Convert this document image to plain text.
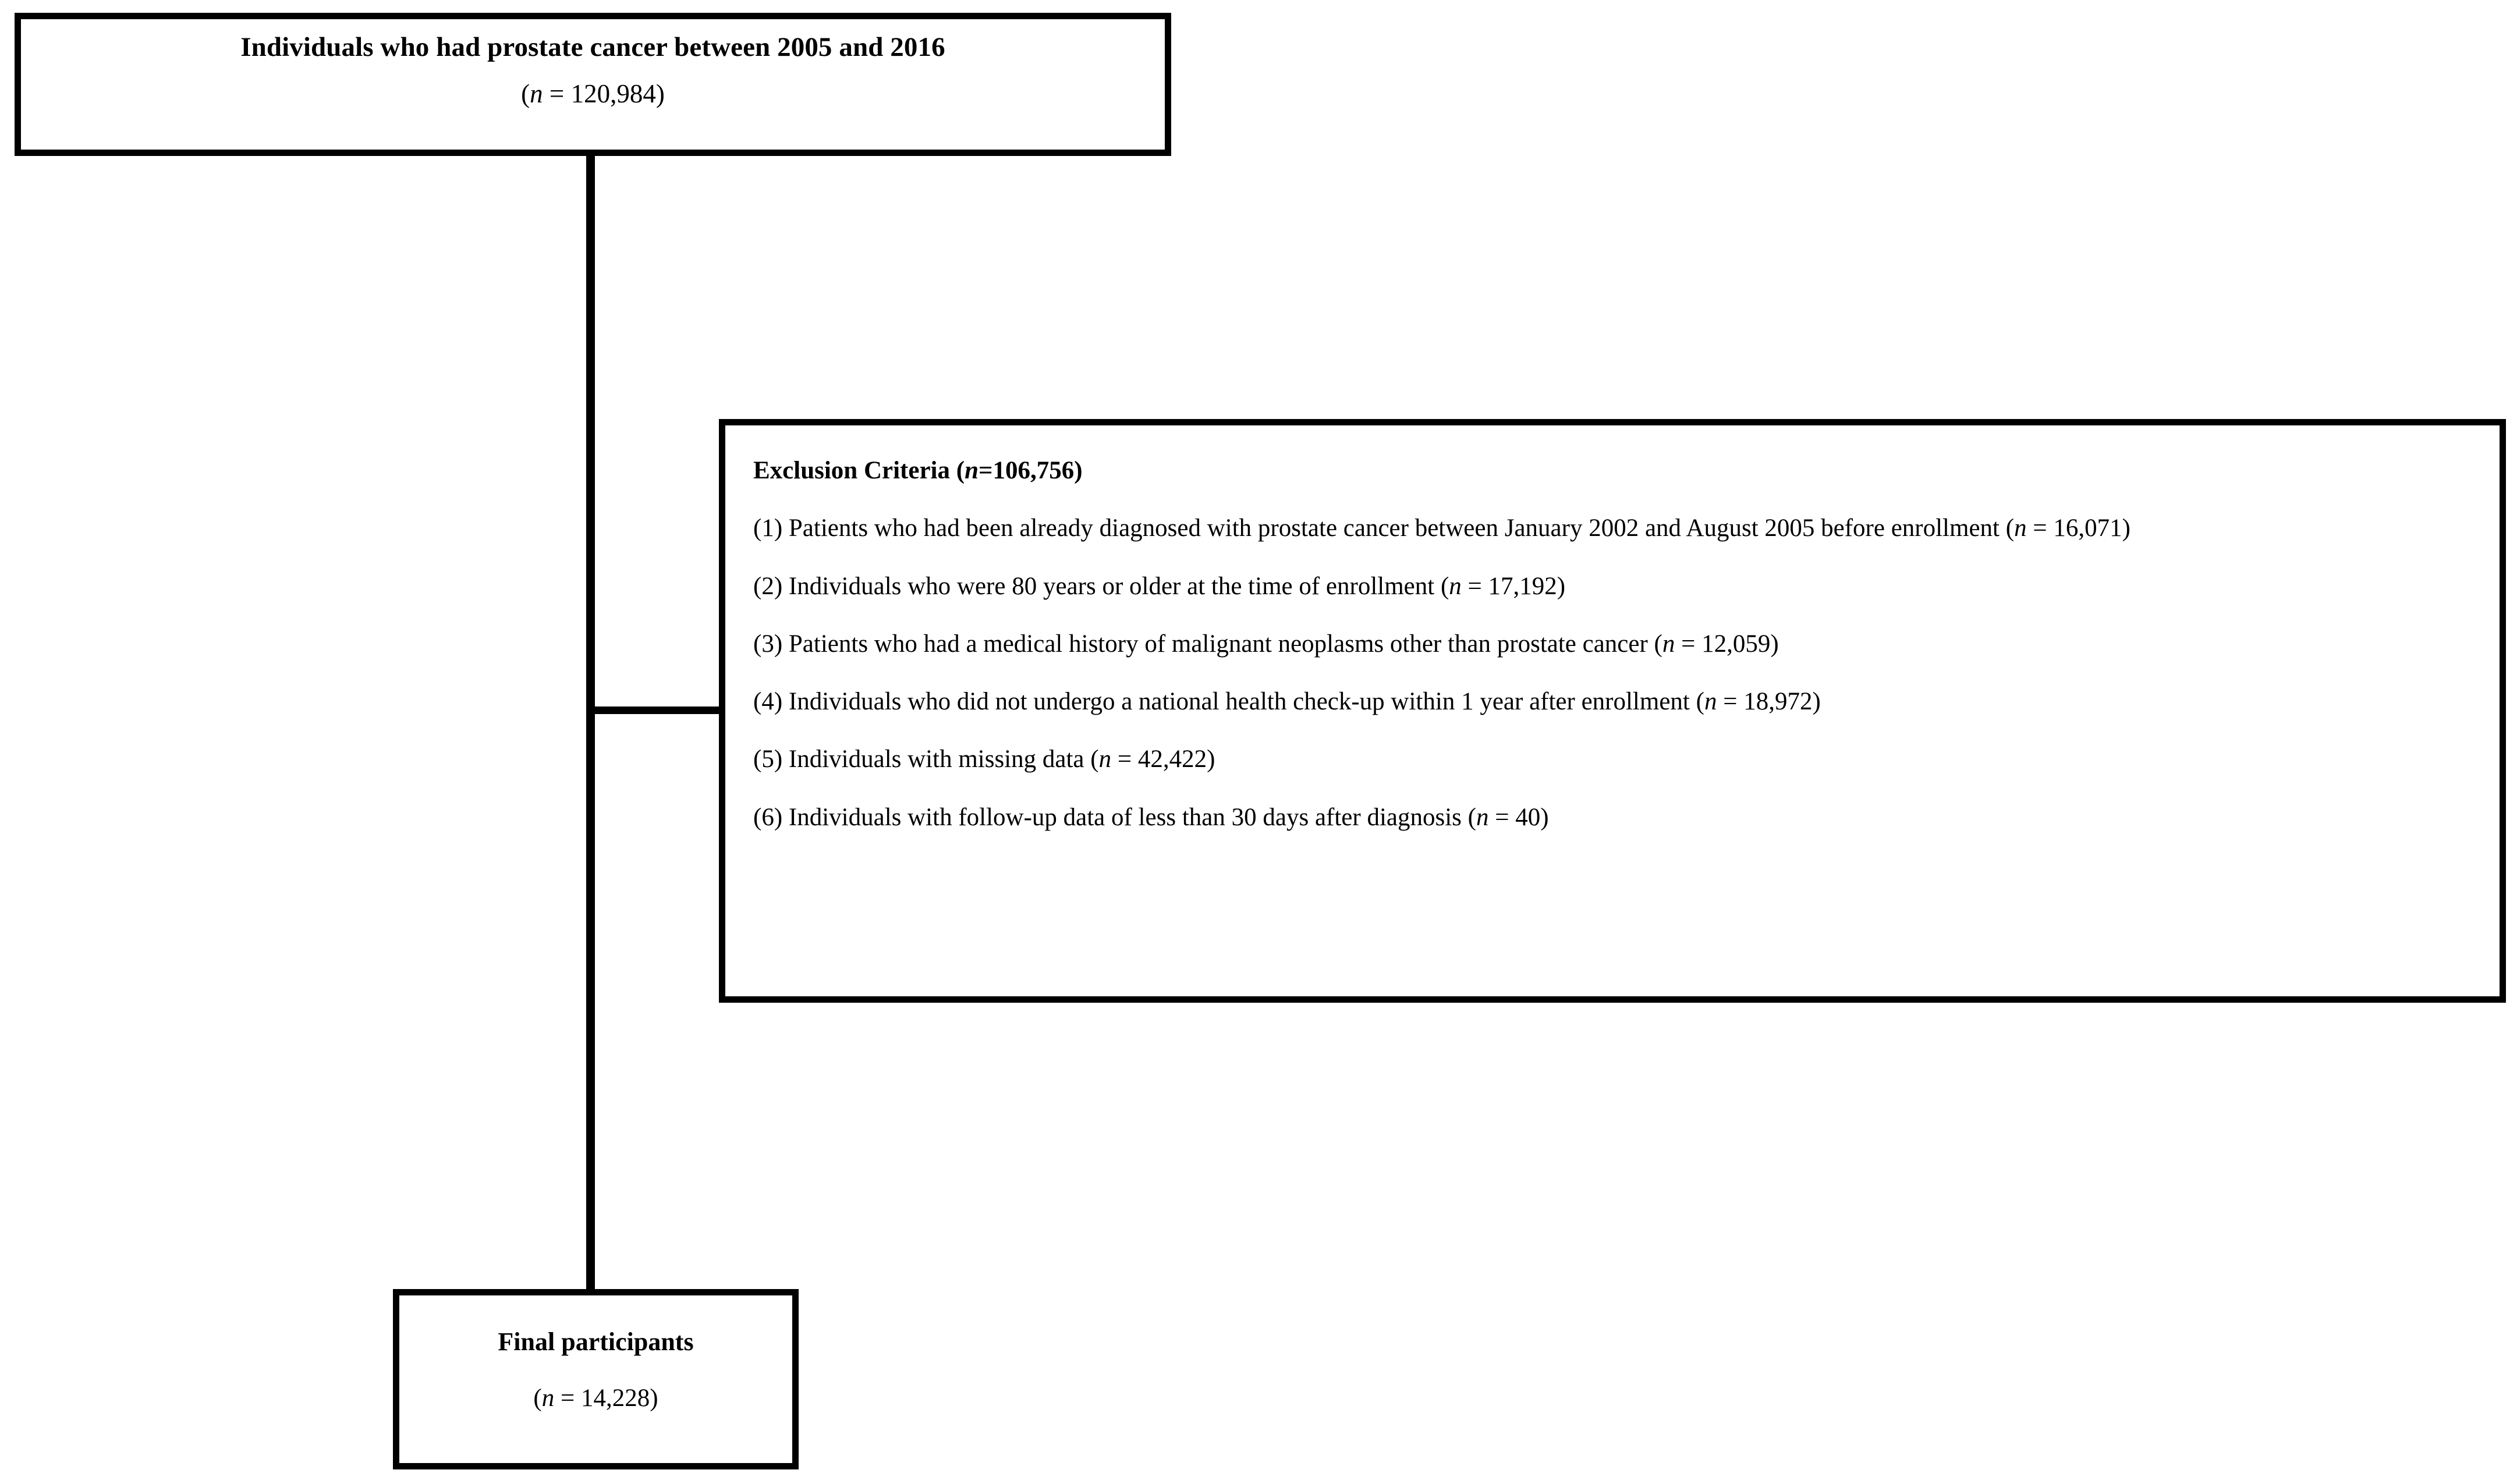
Individuals who had prostate cancer between 2005 and 2016
(n = 120,984)
Exclusion Criteria (n=106,756)
(1) Patients who had been already diagnosed with prostate cancer between January 2002 and August 2005 before enrollment (n = 16,071)
(2) Individuals who were 80 years or older at the time of enrollment (n = 17,192)
(3) Patients who had a medical history of malignant neoplasms other than prostate cancer (n = 12,059)
(4) Individuals who did not undergo a national health check-up within 1 year after enrollment (n = 18,972)
(5) Individuals with missing data (n = 42,422)
(6) Individuals with follow-up data of less than 30 days after diagnosis (n = 40)
Final participants
(n = 14,228)
